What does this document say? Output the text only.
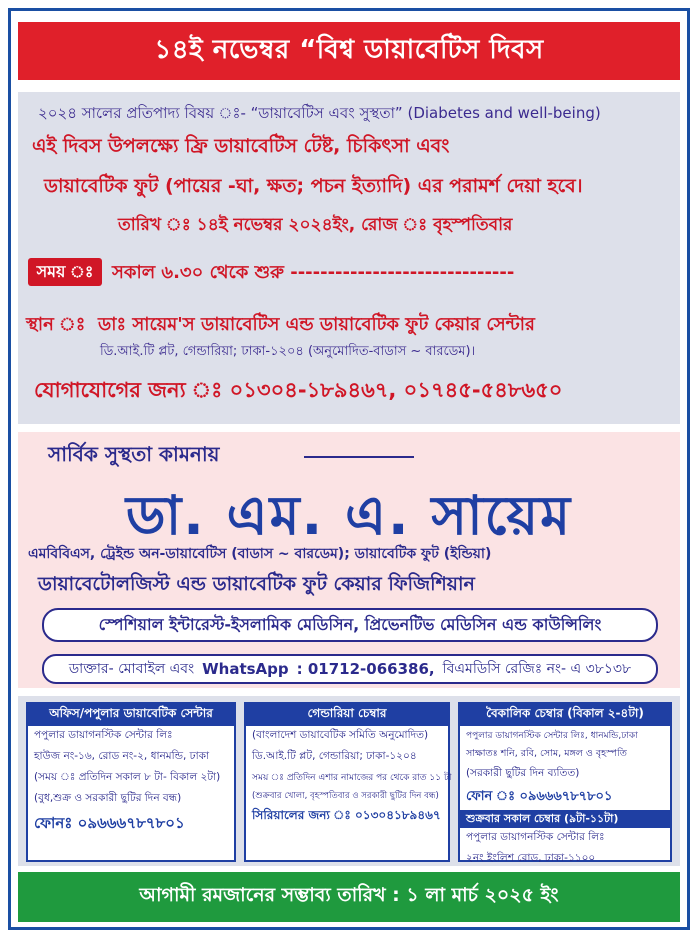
১৪ই নভেম্বর “বিশ্ব ডায়াবেটিস দিবস
২০২৪ সালের প্রতিপাদ্য বিষয় ঃ- “ডায়াবেটিস এবং সুস্থতা” (Diabetes and well-being)
এই দিবস উপলক্ষ্যে ফ্রি ডায়াবেটিস টেষ্ট, চিকিৎসা এবং
ডায়াবেটিক ফুট (পায়ের -ঘা, ক্ষত; পচন ইত্যাদি) এর পরামর্শ দেয়া হবে।
তারিখ ঃ ১৪ই নভেম্বর ২০২৪ইং, রোজ ঃ বৃহস্পতিবার
সময় ঃ	সকাল ৬.৩০ থেকে শুরু ------------------------------
স্থান ঃ ডাঃ সায়েম'স ডায়াবেটিস এন্ড ডায়াবেটিক ফুট কেয়ার সেন্টার
ডি.আই.টি প্লট, গেন্ডারিয়া; ঢাকা-১২০৪ (অনুমোদিত-বাডাস ~ বারডেম)।
যোগাযোগের জন্য ঃ ০১৩০৪-১৮৯৪৬৭, ০১৭৪৫-৫৪৮৬৫০
সার্বিক সুস্থতা কামনায়
ডা. এম. এ. সায়েম
এমবিবিএস, ট্রেইন্ড অন-ডায়াবেটিস (বাডাস ~ বারডেম); ডায়াবেটিক ফুট (ইন্ডিয়া)
ডায়াবেটোলজিস্ট এন্ড ডায়াবেটিক ফুট কেয়ার ফিজিশিয়ান
স্পেশিয়াল ইন্টারেস্ট-ইসলামিক মেডিসিন, প্রিভেনটিভ মেডিসিন এন্ড কাউন্সিলিং
ডাক্তার- মোবাইল এবং WhatsApp : 01712-066386, বিএমডিসি রেজিঃ নং- এ ৩৮১৩৮
অফিস/পপুলার ডায়াবেটিক সেন্টার
পপুলার ডায়াগনস্টিক সেন্টার লিঃ
হাউজ নং-১৬, রোড নং-২, ধানমন্ডি, ঢাকা
(সময় ঃ প্রতিদিন সকাল ৮ টা- বিকাল ২টা)
(বুধ,শুক্র ও সরকারী ছুটির দিন বন্ধ)
ফোনঃ ০৯৬৬৬৭৮৭৮০১
গেন্ডারিয়া চেম্বার
(বাংলাদেশ ডায়াবেটিক সমিতি অনুমোদিত)
ডি.আই.টি প্লট, গেন্ডারিয়া; ঢাকা-১২০৪
সময় ঃ প্রতিদিন এশার নামাজের পর থেকে রাত ১১ টা
(শুক্রবার খোলা, বৃহস্পতিবার ও সরকারী ছুটির দিন বন্ধ)
সিরিয়ালের জন্য ঃ ০১৩০৪১৮৯৪৬৭
বৈকালিক চেম্বার (বিকাল ২-৪টা)
পপুলার ডায়াগনস্টিক সেন্টার লিঃ, ধানমন্ডি,ঢাকা
সাক্ষাতঃ শনি, রবি, সোম, মঙ্গল ও বৃহস্পতি
(সরকারী ছুটির দিন ব্যতিত)
ফোন ঃ ০৯৬৬৬৭৮৭৮০১
শুক্রবার সকাল চেম্বার (৯টা-১১টা)
পপুলার ডায়াগনস্টিক সেন্টার লিঃ
২নং ইংলিশ রোড, ঢাকা-১১০০
আগামী রমজানের সম্ভাব্য তারিখ : ১ লা মার্চ ২০২৫ ইং
